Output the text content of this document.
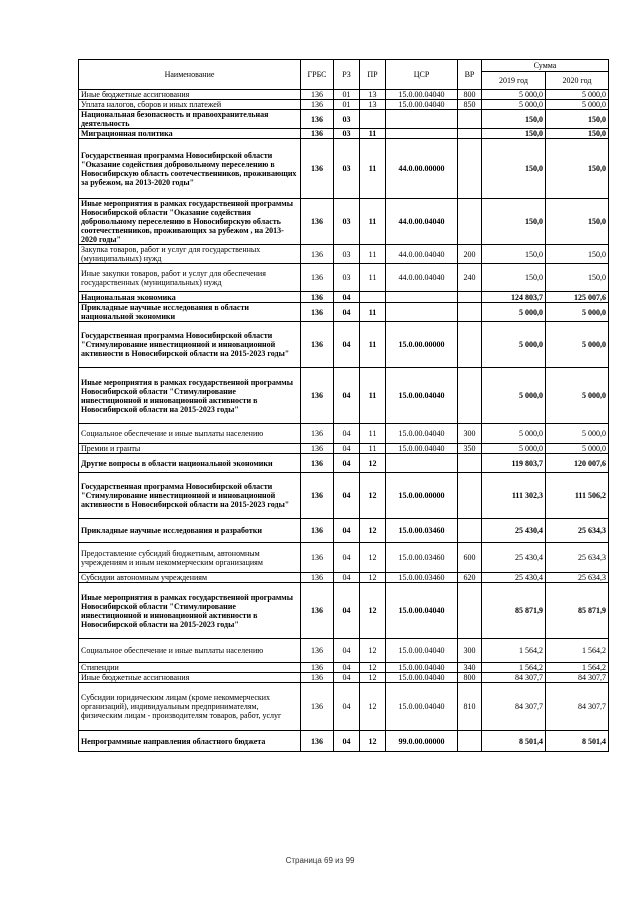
Наименование	ГРБС	РЗ	ПР	ЦСР	ВР	Сумма	
						2019 год	2020 год
Иные бюджетные ассигнования	136	01	13	15.0.00.04040	800	5 000,0	5 000,0
Уплата налогов, сборов и иных платежей	136	01	13	15.0.00.04040	850	5 000,0	5 000,0
Национальная безопасность и правоохранительная деятельность	136	03				150,0	150,0
Миграционная политика	136	03	11			150,0	150,0
Государственная программа Новосибирской области "Оказание содействия добровольному переселению в Новосибирскую область соотечественников, проживающих за рубежом, на 2013-2020 годы"	136	03	11	44.0.00.00000		150,0	150,0
Иные мероприятия в рамках государственной программы Новосибирской области "Оказание содействия добровольному переселению в Новосибирскую область соотечественников, проживающих за рубежом , на 2013-2020 годы"	136	03	11	44.0.00.04040		150,0	150,0
Закупка товаров, работ и услуг для государственных (муниципальных) нужд	136	03	11	44.0.00.04040	200	150,0	150,0
Иные закупки товаров, работ и услуг для обеспечения государственных (муниципальных) нужд	136	03	11	44.0.00.04040	240	150,0	150,0
Национальная экономика	136	04				124 803,7	125 007,6
Прикладные научные исследования в области национальной экономики	136	04	11			5 000,0	5 000,0
Государственная программа Новосибирской области "Стимулирование инвестиционной и инновационной активности в Новосибирской области на 2015-2023 годы"	136	04	11	15.0.00.00000		5 000,0	5 000,0
Иные мероприятия в рамках государственной программы Новосибирской области "Стимулирование инвестиционной и инновационной активности в Новосибирской области на 2015-2023 годы"	136	04	11	15.0.00.04040		5 000,0	5 000,0
Социальное обеспечение и иные выплаты населению	136	04	11	15.0.00.04040	300	5 000,0	5 000,0
Премии и гранты	136	04	11	15.0.00.04040	350	5 000,0	5 000,0
Другие вопросы в области национальной экономики	136	04	12			119 803,7	120 007,6
Государственная программа Новосибирской области "Стимулирование инвестиционной и инновационной активности в Новосибирской области на 2015-2023 годы"	136	04	12	15.0.00.00000		111 302,3	111 506,2
Прикладные научные исследования и разработки	136	04	12	15.0.00.03460		25 430,4	25 634,3
Предоставление субсидий бюджетным, автономным учреждениям и иным некоммерческим организациям	136	04	12	15.0.00.03460	600	25 430,4	25 634,3
Субсидии автономным учреждениям	136	04	12	15.0.00.03460	620	25 430,4	25 634,3
Иные мероприятия в рамках государственной программы Новосибирской области "Стимулирование инвестиционной и инновационной активности в Новосибирской области на 2015-2023 годы"	136	04	12	15.0.00.04040		85 871,9	85 871,9
Социальное обеспечение и иные выплаты населению	136	04	12	15.0.00.04040	300	1 564,2	1 564,2
Стипендии	136	04	12	15.0.00.04040	340	1 564,2	1 564,2
Иные бюджетные ассигнования	136	04	12	15.0.00.04040	800	84 307,7	84 307,7
Субсидии юридическим лицам (кроме некоммерческих организаций), индивидуальным предпринимателям, физическим лицам - производителям товаров, работ, услуг	136	04	12	15.0.00.04040	810	84 307,7	84 307,7
Непрограммные направления областного бюджета	136	04	12	99.0.00.00000		8 501,4	8 501,4
Страница 69 из 99
